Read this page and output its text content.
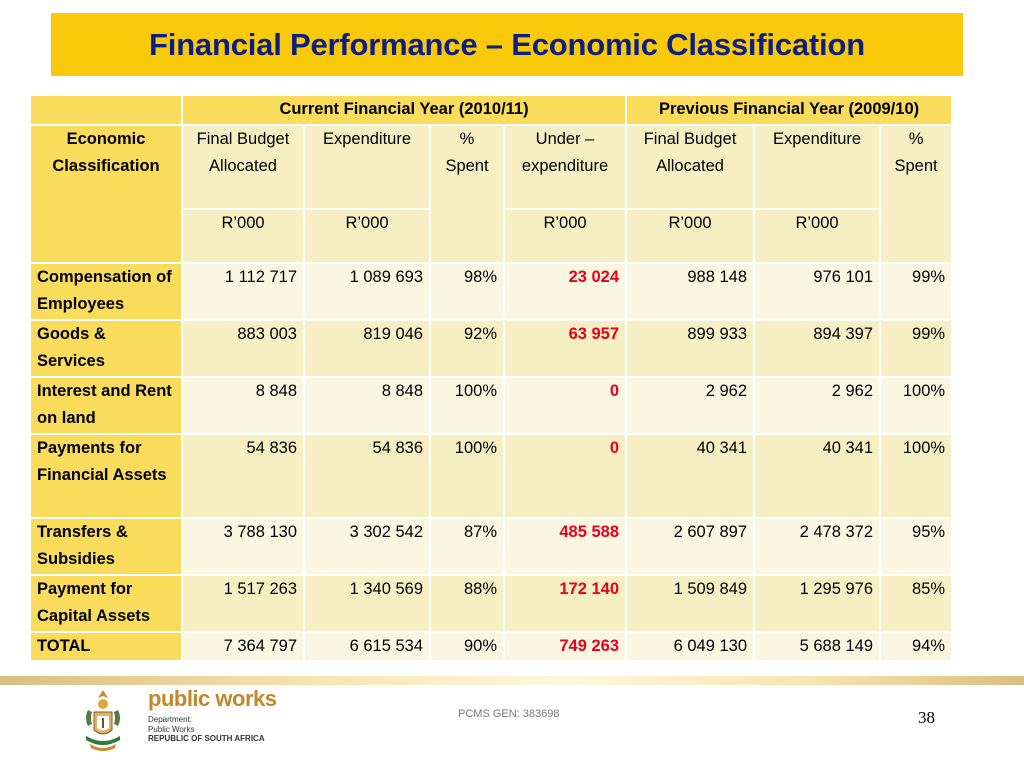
Financial Performance – Economic Classification
	Current Financial Year (2010/11)				Previous Financial Year (2009/10)		
Economic Classification	Final Budget Allocated	Expenditure	% Spent	Under – expenditure	Final Budget Allocated	Expenditure	% Spent
	R’000	R’000		R’000	R’000	R’000	
Compensation of Employees	1 112 717	1 089 693	98%	23 024	988 148	976 101	99%
Goods & Services	883 003	819 046	92%	63 957	899 933	894 397	99%
Interest and Rent on land	8 848	8 848	100%	0	2 962	2 962	100%
Payments for Financial Assets	54 836	54 836	100%	0	40 341	40 341	100%
Transfers & Subsidies	3 788 130	3 302 542	87%	485 588	2 607 897	2 478 372	95%
Payment for Capital Assets	1 517 263	1 340 569	88%	172 140	1 509 849	1 295 976	85%
TOTAL	7 364 797	6 615 534	90%	749 263	6 049 130	5 688 149	94%
public works
Department:
Public Works
REPUBLIC OF SOUTH AFRICA
PCMS GEN: 383698	38
